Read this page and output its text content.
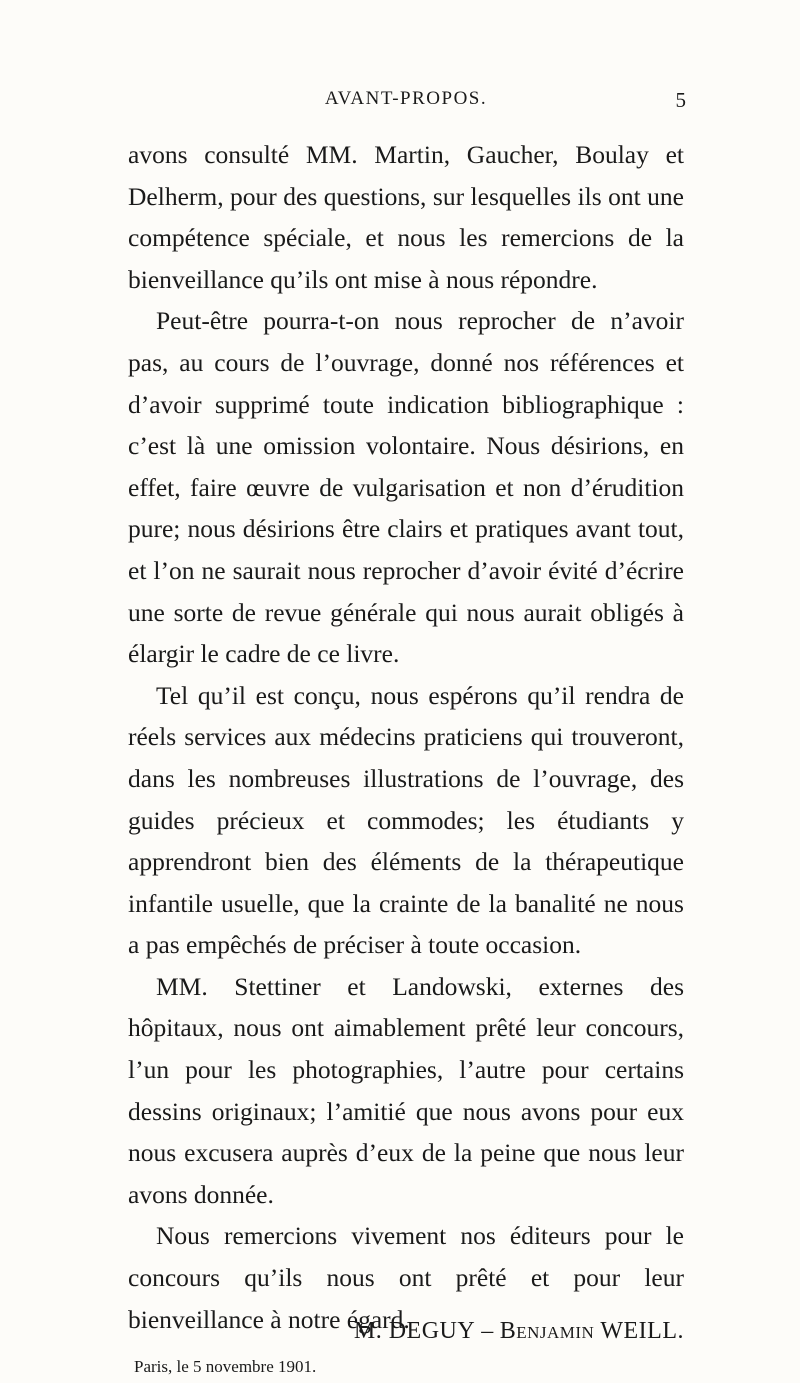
AVANT-PROPOS.	5

avons consulté MM. Martin, Gaucher, Boulay et Delherm, pour des questions, sur lesquelles ils ont une compétence spéciale, et nous les remercions de la bienveillance qu’ils ont mise à nous répondre.

Peut-être pourra-t-on nous reprocher de n’avoir pas, au cours de l’ouvrage, donné nos références et d’avoir supprimé toute indication bibliographique : c’est là une omission volontaire. Nous désirions, en effet, faire œuvre de vulgarisation et non d’érudition pure; nous désirions être clairs et pratiques avant tout, et l’on ne saurait nous reprocher d’avoir évité d’écrire une sorte de revue générale qui nous aurait obligés à élargir le cadre de ce livre.

Tel qu’il est conçu, nous espérons qu’il rendra de réels services aux médecins praticiens qui trouveront, dans les nombreuses illustrations de l’ouvrage, des guides précieux et commodes; les étudiants y apprendront bien des éléments de la thérapeutique infantile usuelle, que la crainte de la banalité ne nous a pas empêchés de préciser à toute occasion.

MM. Stettiner et Landowski, externes des hôpitaux, nous ont aimablement prêté leur concours, l’un pour les photographies, l’autre pour certains dessins originaux; l’amitié que nous avons pour eux nous excusera auprès d’eux de la peine que nous leur avons donnée.

Nous remercions vivement nos éditeurs pour le concours qu’ils nous ont prêté et pour leur bienveillance à notre égard.

M. DEGUY – Benjamin WEILL.
Paris, le 5 novembre 1901.
